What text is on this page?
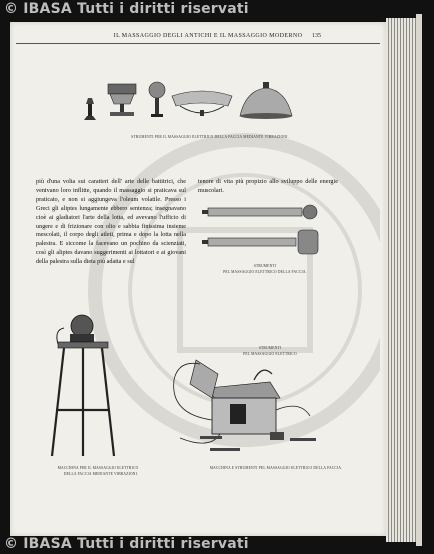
© IBASA Tutti i diritti riservati
IL MASSAGGIO DEGLI ANTICHI E IL MASSAGGIO MODERNO	135
STRUMENTI PER IL MASSAGGIO ELETTRICO DELLA FACCIA MEDIANTE VIBRAZIONI.
più d'una volta sui caratteri dell' arte delle battitrici, che venivano loro inflitte, quando il massaggio si praticava sul praticato, e non si aggiungeva l'oleum volatile. Presso i Greci gli aliptes lungamente ebbero sentenza; insegnavano cioè ai gladiatori l'arte della lotta, ed avevano l'ufficio di ungere e di frizionare con olio e sabbia finissima insieme mescolati, il corpo degli atleti, prima e dopo la lotta nella palestra. E siccome la facevano un pochino da scienziati, così gli aliptes davano suggerimenti ai lottatori e ai giovani della palestra sulla dieta più adatta e sul
tenore di vita più propizio allo sviluppo delle energie muscolari.
STRUMENTI
PEL MASSAGGIO ELETTRICO DELLA FACCIA.
STRUMENTI
PEL MASSAGGIO ELETTRICO
MACCHINA PER IL MASSAGGIO ELETTRICO
DELLA FACCIA MEDIANTE VIBRAZIONI.
MACCHINA E STRUMENTI PEL MASSAGGIO ELETTRICO DELLA FACCIA.
© IBASA Tutti i diritti riservati
